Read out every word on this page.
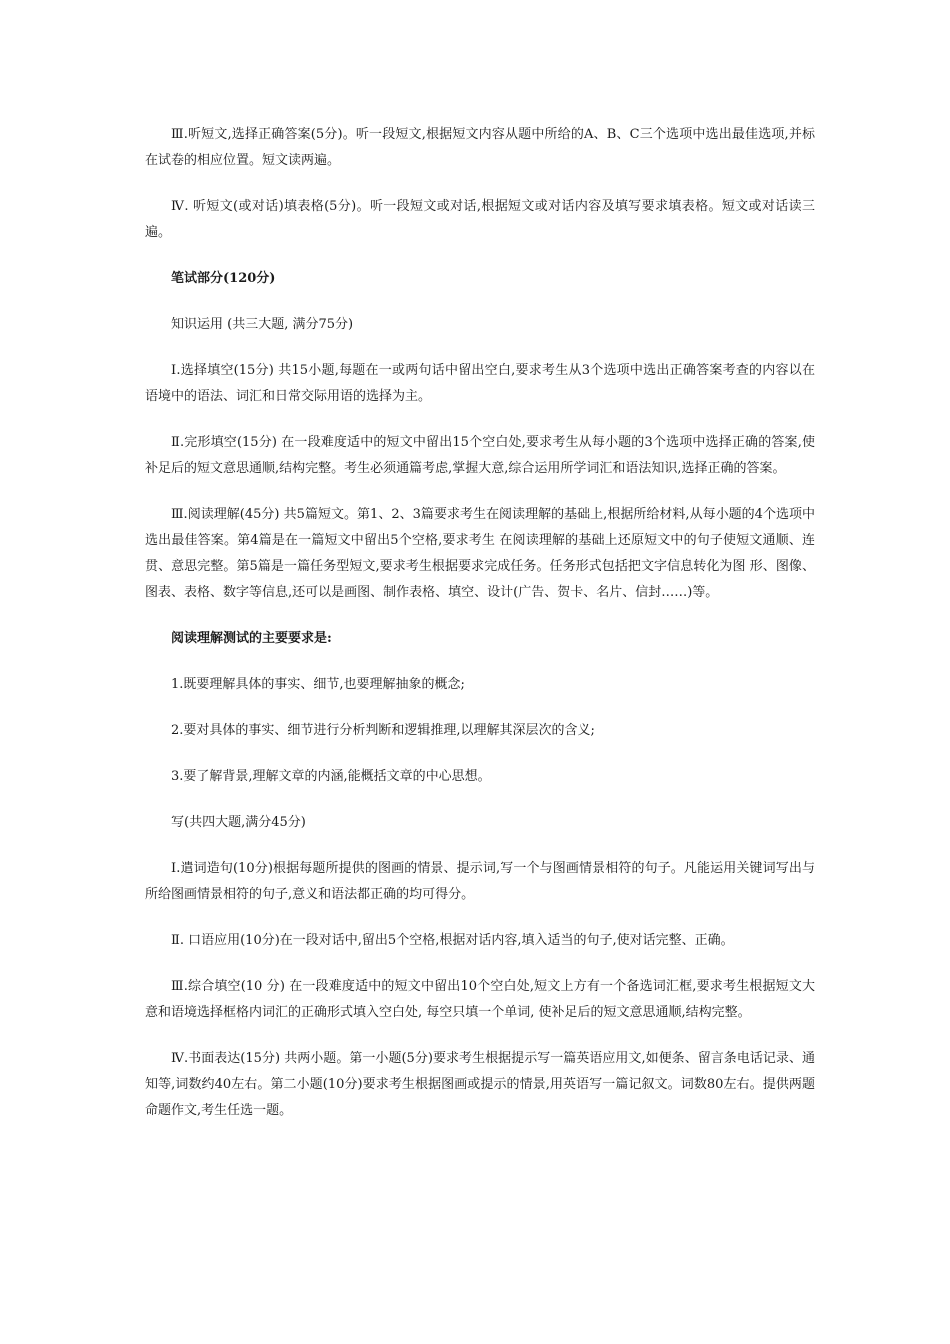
Ⅲ.听短文,选择正确答案(5分)。听一段短文,根据短文内容从题中所给的A、B、C三个选项中选出最佳选项,并标在试卷的相应位置。短文读两遍。

Ⅳ. 听短文(或对话)填表格(5分)。听一段短文或对话,根据短文或对话内容及填写要求填表格。短文或对话读三遍。

笔试部分(120分)

知识运用 (共三大题, 满分75分)

Ⅰ.选择填空(15分) 共15小题,每题在一或两句话中留出空白,要求考生从3个选项中选出正确答案考查的内容以在语境中的语法、词汇和日常交际用语的选择为主。

Ⅱ.完形填空(15分) 在一段难度适中的短文中留出15个空白处,要求考生从每小题的3个选项中选择正确的答案,使补足后的短文意思通顺,结构完整。考生必须通篇考虑,掌握大意,综合运用所学词汇和语法知识,选择正确的答案。

Ⅲ.阅读理解(45分) 共5篇短文。第1、2、3篇要求考生在阅读理解的基础上,根据所给材料,从每小题的4个选项中选出最佳答案。第4篇是在一篇短文中留出5个空格,要求考生 在阅读理解的基础上还原短文中的句子使短文通顺、连贯、意思完整。第5篇是一篇任务型短文,要求考生根据要求完成任务。任务形式包括把文字信息转化为图 形、图像、图表、表格、数字等信息,还可以是画图、制作表格、填空、设计(广告、贺卡、名片、信封……)等。

阅读理解测试的主要要求是:

1.既要理解具体的事实、细节,也要理解抽象的概念;

2.要对具体的事实、细节进行分析判断和逻辑推理,以理解其深层次的含义;

3.要了解背景,理解文章的内涵,能概括文章的中心思想。

写(共四大题,满分45分)

Ⅰ.遣词造句(10分)根据每题所提供的图画的情景、提示词,写一个与图画情景相符的句子。凡能运用关键词写出与所给图画情景相符的句子,意义和语法都正确的均可得分。

Ⅱ. 口语应用(10分)在一段对话中,留出5个空格,根据对话内容,填入适当的句子,使对话完整、正确。

Ⅲ.综合填空(10 分) 在一段难度适中的短文中留出10个空白处,短文上方有一个备选词汇框,要求考生根据短文大意和语境选择框格内词汇的正确形式填入空白处, 每空只填一个单词, 使补足后的短文意思通顺,结构完整。

Ⅳ.书面表达(15分) 共两小题。第一小题(5分)要求考生根据提示写一篇英语应用文,如便条、留言条电话记录、通知等,词数约40左右。第二小题(10分)要求考生根据图画或提示的情景,用英语写一篇记叙文。词数80左右。提供两题命题作文,考生任选一题。
